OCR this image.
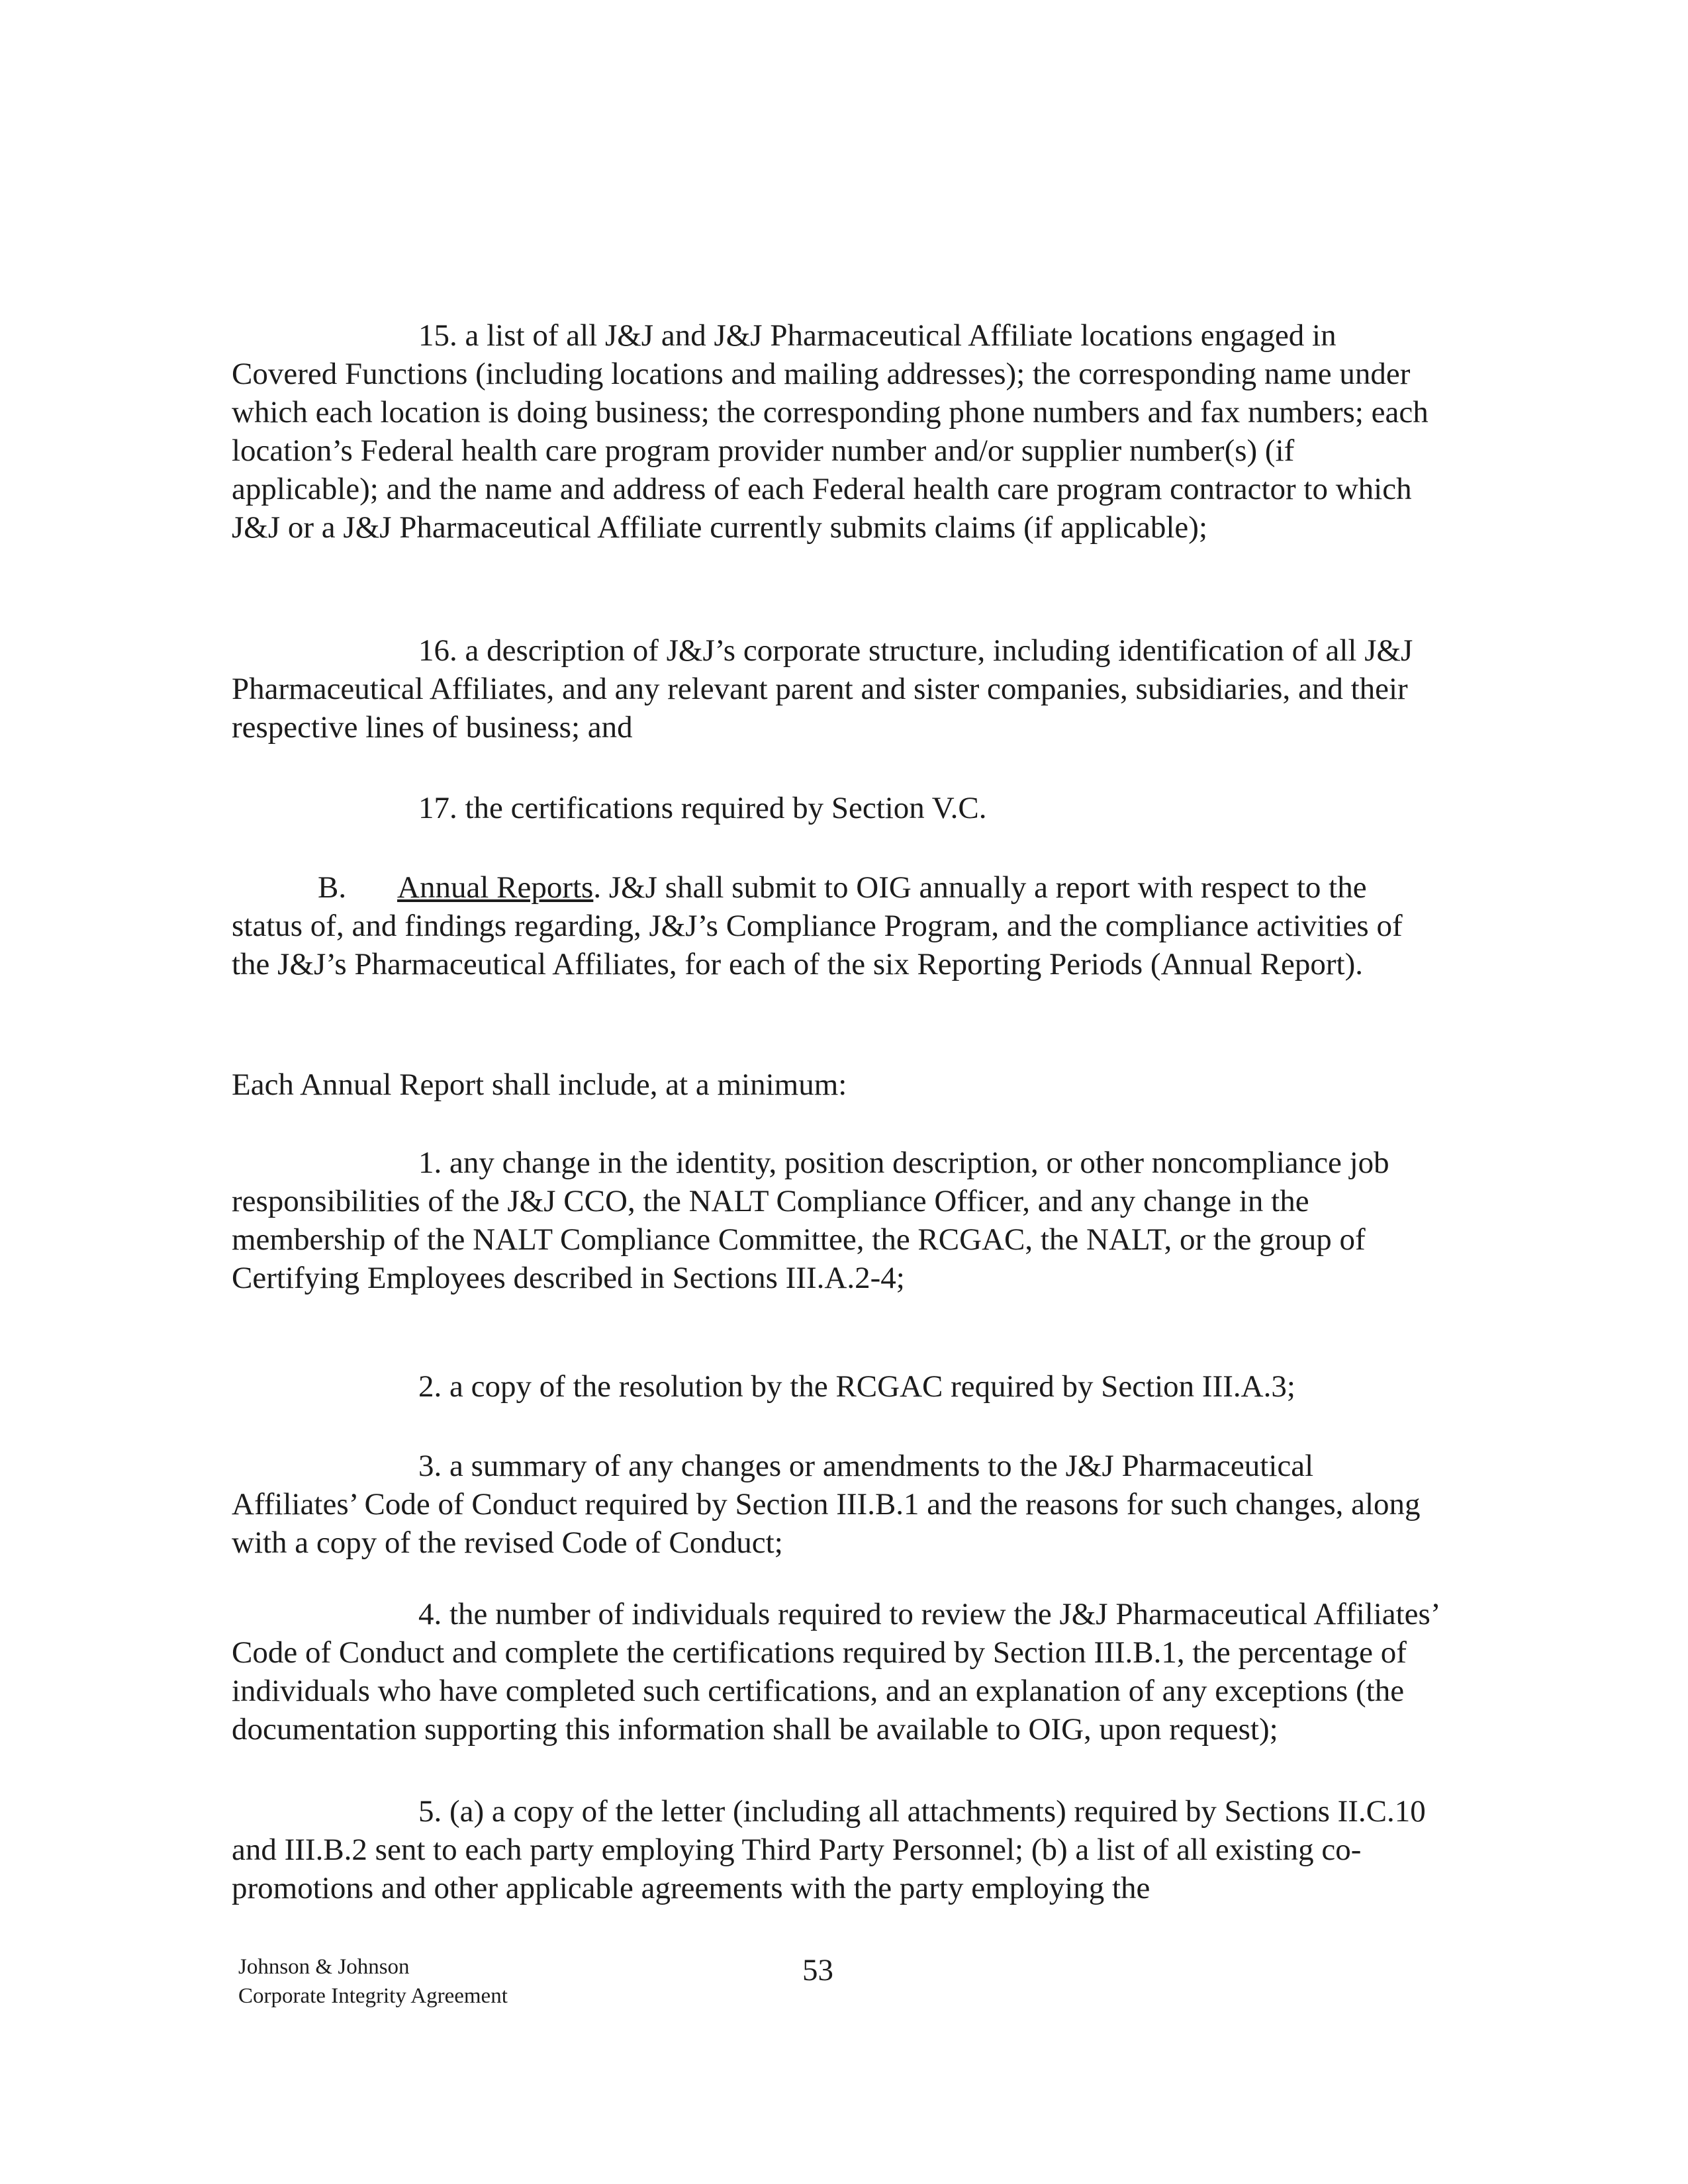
15. a list of all J&J and J&J Pharmaceutical Affiliate locations engaged in Covered Functions (including locations and mailing addresses); the corresponding name under which each location is doing business; the corresponding phone numbers and fax numbers; each location’s Federal health care program provider number and/or supplier number(s) (if applicable); and the name and address of each Federal health care program contractor to which J&J or a J&J Pharmaceutical Affiliate currently submits claims (if applicable);

16. a description of J&J’s corporate structure, including identification of all J&J Pharmaceutical Affiliates, and any relevant parent and sister companies, subsidiaries, and their respective lines of business; and

17. the certifications required by Section V.C.

B. Annual Reports. J&J shall submit to OIG annually a report with respect to the status of, and findings regarding, J&J’s Compliance Program, and the compliance activities of the J&J’s Pharmaceutical Affiliates, for each of the six Reporting Periods (Annual Report).

Each Annual Report shall include, at a minimum:

1. any change in the identity, position description, or other noncompliance job responsibilities of the J&J CCO, the NALT Compliance Officer, and any change in the membership of the NALT Compliance Committee, the RCGAC, the NALT, or the group of Certifying Employees described in Sections III.A.2-4;

2. a copy of the resolution by the RCGAC required by Section III.A.3;

3. a summary of any changes or amendments to the J&J Pharmaceutical Affiliates’ Code of Conduct required by Section III.B.1 and the reasons for such changes, along with a copy of the revised Code of Conduct;

4. the number of individuals required to review the J&J Pharmaceutical Affiliates’ Code of Conduct and complete the certifications required by Section III.B.1, the percentage of individuals who have completed such certifications, and an explanation of any exceptions (the documentation supporting this information shall be available to OIG, upon request);

5. (a) a copy of the letter (including all attachments) required by Sections II.C.10 and III.B.2 sent to each party employing Third Party Personnel; (b) a list of all existing co-promotions and other applicable agreements with the party employing the

Johnson & Johnson
Corporate Integrity Agreement

53
